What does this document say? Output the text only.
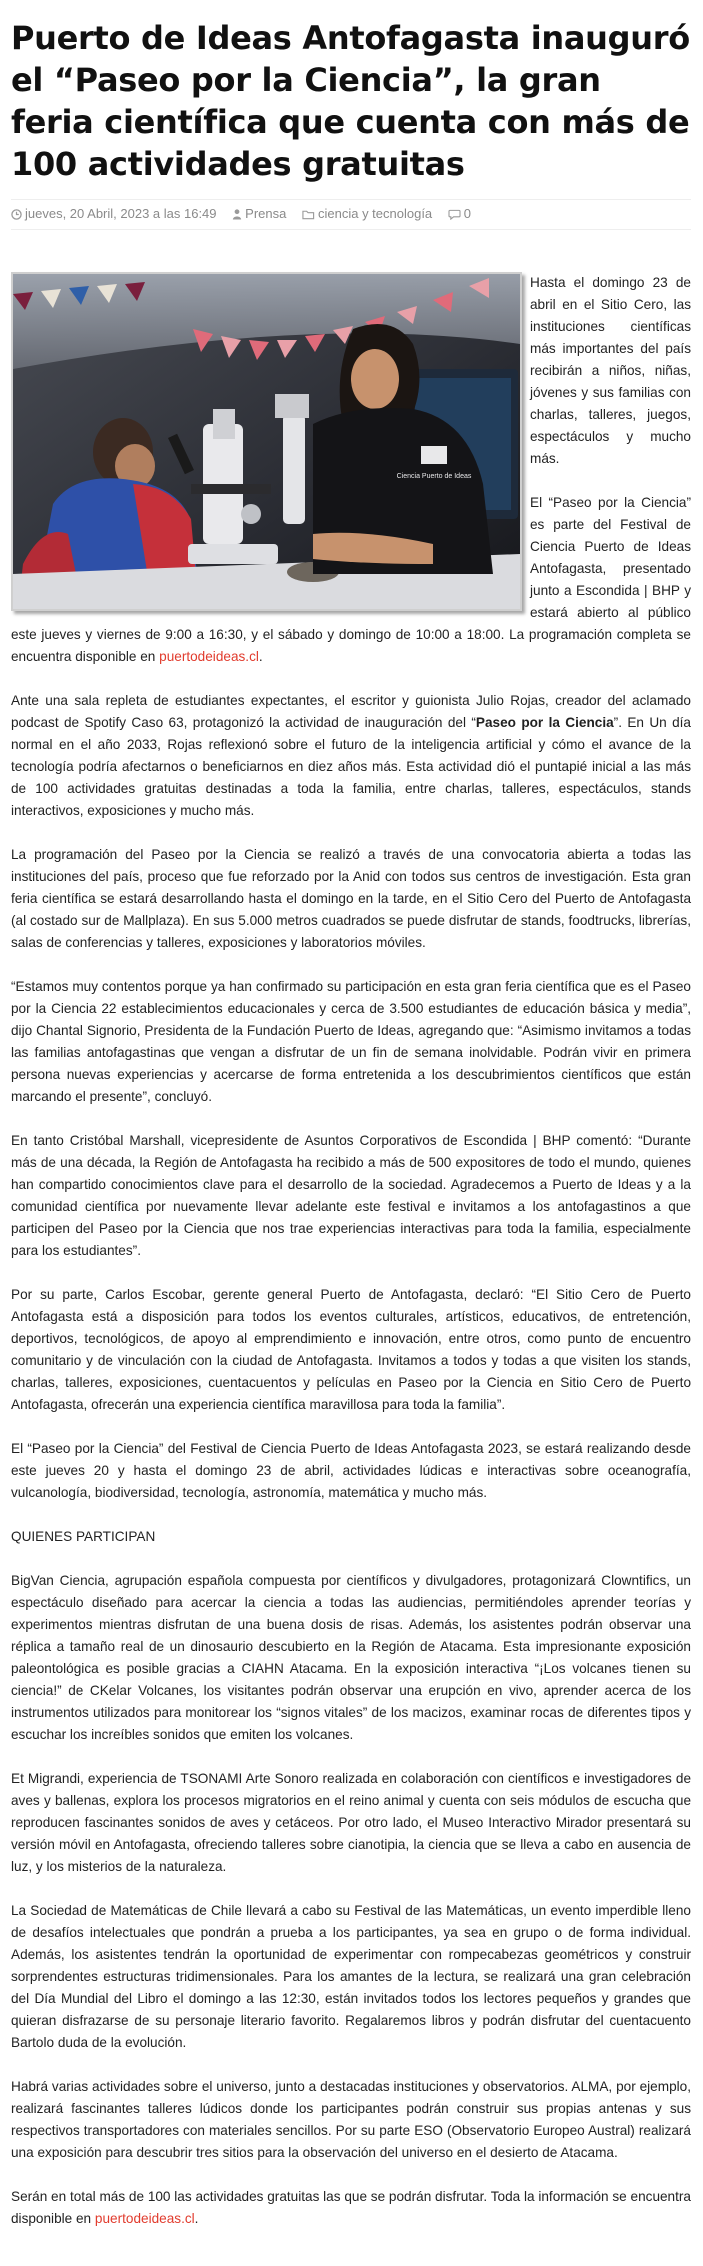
Puerto de Ideas Antofagasta inauguró el “Paseo por la Ciencia”, la gran feria científica que cuenta con más de 100 actividades gratuitas
jueves, 20 Abril, 2023 a las 16:49 Prensa ciencia y tecnología 0
Ciencia Puerto de Ideas

Hasta el domingo 23 de abril en el Sitio Cero, las instituciones científicas más importantes del país recibirán a niños, niñas, jóvenes y sus familias con charlas, talleres, juegos, espectáculos y mucho más.

El “Paseo por la Ciencia” es parte del Festival de Ciencia Puerto de Ideas Antofagasta, presentado junto a Escondida | BHP y estará abierto al público este jueves y viernes de 9:00 a 16:30, y el sábado y domingo de 10:00 a 18:00. La programación completa se encuentra disponible en puertodeideas.cl.

Ante una sala repleta de estudiantes expectantes, el escritor y guionista Julio Rojas, creador del aclamado podcast de Spotify Caso 63, protagonizó la actividad de inauguración del “Paseo por la Ciencia”. En Un día normal en el año 2033, Rojas reflexionó sobre el futuro de la inteligencia artificial y cómo el avance de la tecnología podría afectarnos o beneficiarnos en diez años más. Esta actividad dió el puntapié inicial a las más de 100 actividades gratuitas destinadas a toda la familia, entre charlas, talleres, espectáculos, stands interactivos, exposiciones y mucho más.

La programación del Paseo por la Ciencia se realizó a través de una convocatoria abierta a todas las instituciones del país, proceso que fue reforzado por la Anid con todos sus centros de investigación. Esta gran feria científica se estará desarrollando hasta el domingo en la tarde, en el Sitio Cero del Puerto de Antofagasta (al costado sur de Mallplaza). En sus 5.000 metros cuadrados se puede disfrutar de stands, foodtrucks, librerías, salas de conferencias y talleres, exposiciones y laboratorios móviles.

“Estamos muy contentos porque ya han confirmado su participación en esta gran feria científica que es el Paseo por la Ciencia 22 establecimientos educacionales y cerca de 3.500 estudiantes de educación básica y media”, dijo Chantal Signorio, Presidenta de la Fundación Puerto de Ideas, agregando que: “Asimismo invitamos a todas las familias antofagastinas que vengan a disfrutar de un fin de semana inolvidable. Podrán vivir en primera persona nuevas experiencias y acercarse de forma entretenida a los descubrimientos científicos que están marcando el presente”, concluyó.

En tanto Cristóbal Marshall, vicepresidente de Asuntos Corporativos de Escondida | BHP comentó: “Durante más de una década, la Región de Antofagasta ha recibido a más de 500 expositores de todo el mundo, quienes han compartido conocimientos clave para el desarrollo de la sociedad. Agradecemos a Puerto de Ideas y a la comunidad científica por nuevamente llevar adelante este festival e invitamos a los antofagastinos a que participen del Paseo por la Ciencia que nos trae experiencias interactivas para toda la familia, especialmente para los estudiantes”.

Por su parte, Carlos Escobar, gerente general Puerto de Antofagasta, declaró: “El Sitio Cero de Puerto Antofagasta está a disposición para todos los eventos culturales, artísticos, educativos, de entretención, deportivos, tecnológicos, de apoyo al emprendimiento e innovación, entre otros, como punto de encuentro comunitario y de vinculación con la ciudad de Antofagasta. Invitamos a todos y todas a que visiten los stands, charlas, talleres, exposiciones, cuentacuentos y películas en Paseo por la Ciencia en Sitio Cero de Puerto Antofagasta, ofrecerán una experiencia científica maravillosa para toda la familia”.

El “Paseo por la Ciencia” del Festival de Ciencia Puerto de Ideas Antofagasta 2023, se estará realizando desde este jueves 20 y hasta el domingo 23 de abril, actividades lúdicas e interactivas sobre oceanografía, vulcanología, biodiversidad, tecnología, astronomía, matemática y mucho más.

QUIENES PARTICIPAN

BigVan Ciencia, agrupación española compuesta por científicos y divulgadores, protagonizará Clowntifics, un espectáculo diseñado para acercar la ciencia a todas las audiencias, permitiéndoles aprender teorías y experimentos mientras disfrutan de una buena dosis de risas. Además, los asistentes podrán observar una réplica a tamaño real de un dinosaurio descubierto en la Región de Atacama. Esta impresionante exposición paleontológica es posible gracias a CIAHN Atacama. En la exposición interactiva “¡Los volcanes tienen su ciencia!” de CKelar Volcanes, los visitantes podrán observar una erupción en vivo, aprender acerca de los instrumentos utilizados para monitorear los “signos vitales” de los macizos, examinar rocas de diferentes tipos y escuchar los increíbles sonidos que emiten los volcanes.

Et Migrandi, experiencia de TSONAMI Arte Sonoro realizada en colaboración con científicos e investigadores de aves y ballenas, explora los procesos migratorios en el reino animal y cuenta con seis módulos de escucha que reproducen fascinantes sonidos de aves y cetáceos. Por otro lado, el Museo Interactivo Mirador presentará su versión móvil en Antofagasta, ofreciendo talleres sobre cianotipia, la ciencia que se lleva a cabo en ausencia de luz, y los misterios de la naturaleza.

La Sociedad de Matemáticas de Chile llevará a cabo su Festival de las Matemáticas, un evento imperdible lleno de desafíos intelectuales que pondrán a prueba a los participantes, ya sea en grupo o de forma individual. Además, los asistentes tendrán la oportunidad de experimentar con rompecabezas geométricos y construir sorprendentes estructuras tridimensionales. Para los amantes de la lectura, se realizará una gran celebración del Día Mundial del Libro el domingo a las 12:30, están invitados todos los lectores pequeños y grandes que quieran disfrazarse de su personaje literario favorito. Regalaremos libros y podrán disfrutar del cuentacuento Bartolo duda de la evolución.

Habrá varias actividades sobre el universo, junto a destacadas instituciones y observatorios. ALMA, por ejemplo, realizará fascinantes talleres lúdicos donde los participantes podrán construir sus propias antenas y sus respectivos transportadores con materiales sencillos. Por su parte ESO (Observatorio Europeo Austral) realizará una exposición para descubrir tres sitios para la observación del universo en el desierto de Atacama.

Serán en total más de 100 las actividades gratuitas las que se podrán disfrutar. Toda la información se encuentra disponible en puertodeideas.cl.
